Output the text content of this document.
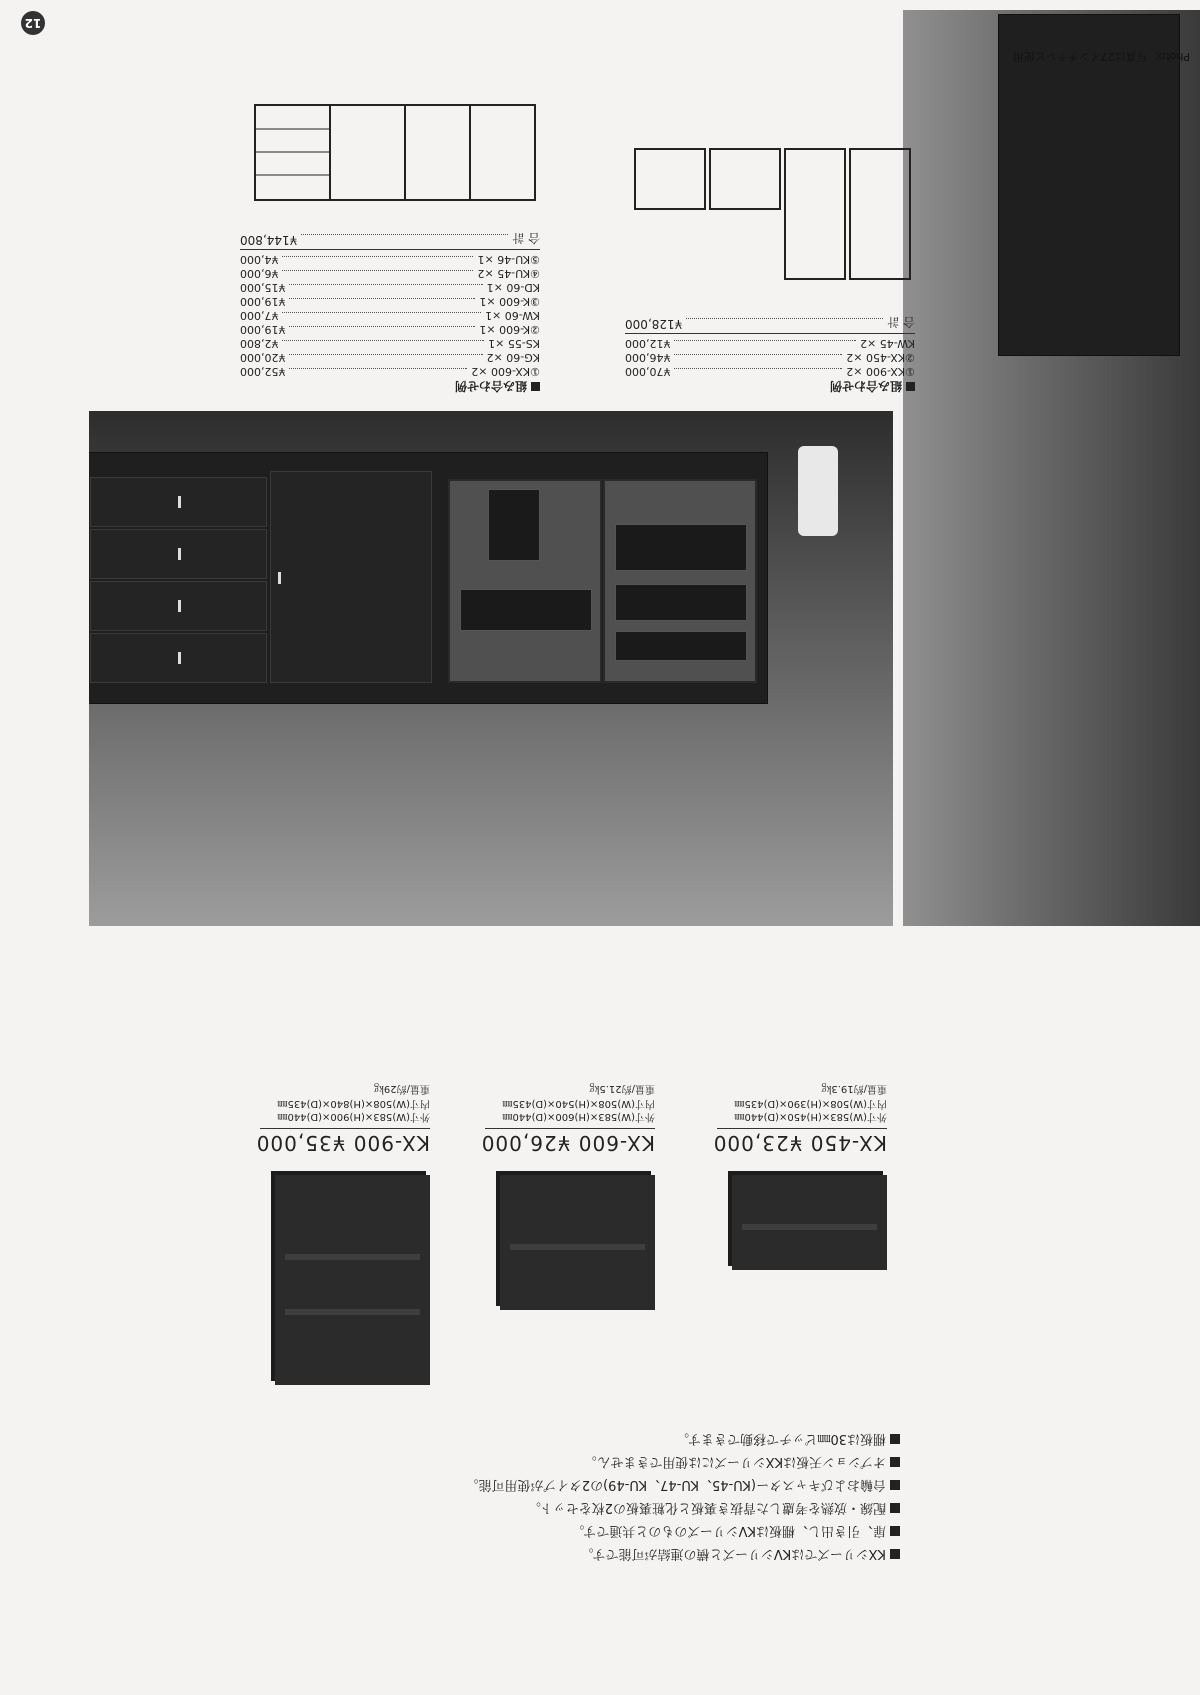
KXシリーズではKVシリーズと横の連結が可能です。
扉、引き出し、棚板はKVシリーズのものと共通です。
配線・放熱を考慮した背抜き裏板と化粧裏板の2枚をセット。
台輪およびキャスター(KU-45、KU-47、KU-49)の2タイプが使用可能。
オプション天板はKXシリーズには使用できません。
棚板は30㎜ピッチで移動できます。
KX-900 ¥35,000
外寸(W)583×(H)900×(D)440㎜
内寸(W)508×(H)840×(D)435㎜
重量/約29㎏
KX-600 ¥26,000
外寸(W)583×(H)600×(D)440㎜
内寸(W)508×(H)540×(D)435㎜
重量/約21.5㎏
KX-450 ¥23,000
外寸(W)583×(H)450×(D)440㎜
内寸(W)508×(H)390×(D)435㎜
重量/約19.3㎏
Photo：写真は27インチテレビ使用
組み合わせ例
①KX-900 ×2
¥70,000
②KX-450 ×2
¥46,000
KW-45 ×2
¥12,000
合 計
¥128,000
組み合わせ例
①KX-600 ×2
¥52,000
KG-60 ×2
¥20,000
KS-55 ×1
¥2,800
②K-600 ×1
¥19,000
KW-60 ×1
¥7,000
③K-600 ×1
¥19,000
KD-60 ×1
¥15,000
④KU-45 ×2
¥6,000
⑤KU-46 ×1
¥4,000
合 計
¥144,800
12
